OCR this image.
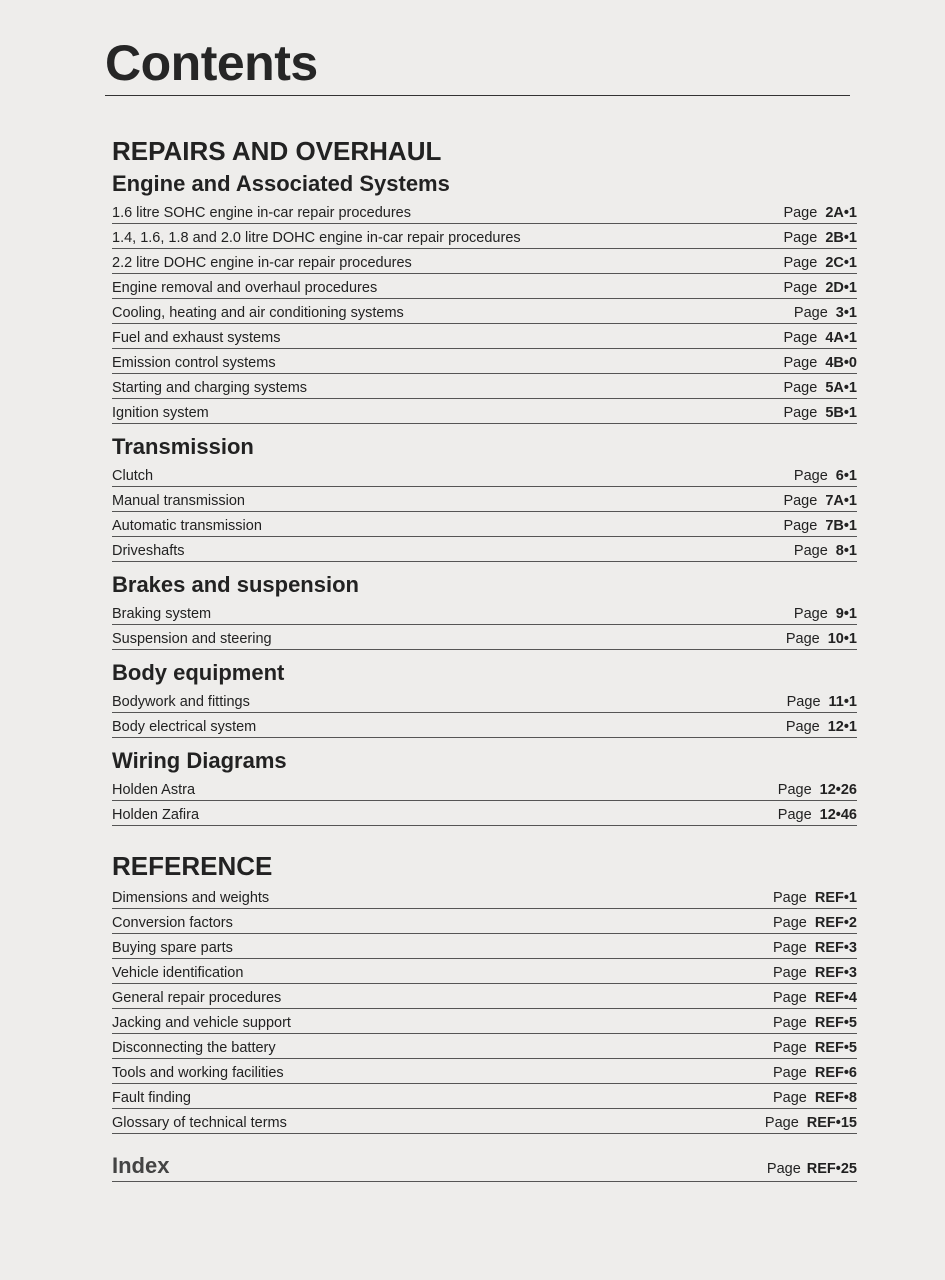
Contents
REPAIRS AND OVERHAUL
Engine and Associated Systems
1.6 litre SOHC engine in-car repair procedures	Page 2A•1
1.4, 1.6, 1.8 and 2.0 litre DOHC engine in-car repair procedures	Page 2B•1
2.2 litre DOHC engine in-car repair procedures	Page 2C•1
Engine removal and overhaul procedures	Page 2D•1
Cooling, heating and air conditioning systems	Page 3•1
Fuel and exhaust systems	Page 4A•1
Emission control systems	Page 4B•0
Starting and charging systems	Page 5A•1
Ignition system	Page 5B•1
Transmission
Clutch	Page 6•1
Manual transmission	Page 7A•1
Automatic transmission	Page 7B•1
Driveshafts	Page 8•1
Brakes and suspension
Braking system	Page 9•1
Suspension and steering	Page 10•1
Body equipment
Bodywork and fittings	Page 11•1
Body electrical system	Page 12•1
Wiring Diagrams
Holden Astra	Page 12•26
Holden Zafira	Page 12•46
REFERENCE
Dimensions and weights	Page REF•1
Conversion factors	Page REF•2
Buying spare parts	Page REF•3
Vehicle identification	Page REF•3
General repair procedures	Page REF•4
Jacking and vehicle support	Page REF•5
Disconnecting the battery	Page REF•5
Tools and working facilities	Page REF•6
Fault finding	Page REF•8
Glossary of technical terms	Page REF•15
Index	Page REF•25
